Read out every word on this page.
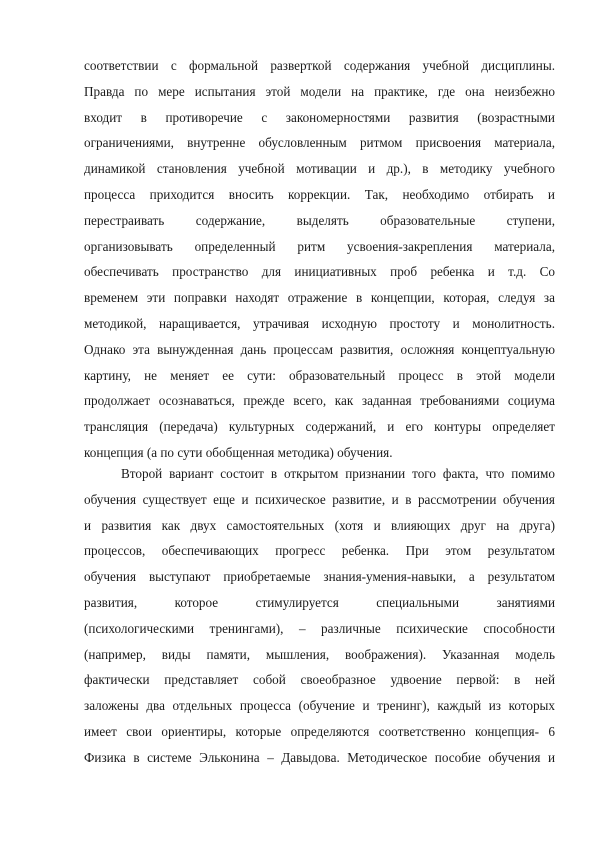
соответствии с формальной разверткой содержания учебной дисциплины.
Правда по мере испытания этой модели на практике, где она неизбежно
входит в противоречие с закономерностями развития (возрастными
ограничениями, внутренне обусловленным ритмом присвоения материала,
динамикой становления учебной мотивации и др.), в методику учебного
процесса приходится вносить коррекции. Так, необходимо отбирать и
перестраивать содержание, выделять образовательные ступени,
организовывать определенный ритм усвоения-закрепления материала,
обеспечивать пространство для инициативных проб ребенка и т.д. Со
временем эти поправки находят отражение в концепции, которая, следуя за
методикой, наращивается, утрачивая исходную простоту и монолитность.
Однако эта вынужденная дань процессам развития, осложняя концептуальную
картину, не меняет ее сути: образовательный процесс в этой модели
продолжает осознаваться, прежде всего, как заданная требованиями социума
трансляция (передача) культурных содержаний, и его контуры определяет
концепция (а по сути обобщенная методика) обучения.
Второй вариант состоит в открытом признании того факта, что помимо
обучения существует еще и психическое развитие, и в рассмотрении обучения
и развития как двух самостоятельных (хотя и влияющих друг на друга)
процессов, обеспечивающих прогресс ребенка. При этом результатом
обучения выступают приобретаемые знания-умения-навыки, а результатом
развития, которое стимулируется специальными занятиями
(психологическими тренингами), – различные психические способности
(например, виды памяти, мышления, воображения). Указанная модель
фактически представляет собой своеобразное удвоение первой: в ней
заложены два отдельных процесса (обучение и тренинг), каждый из которых
имеет свои ориентиры, которые определяются соответственно концепция- 6
Физика в системе Эльконина – Давыдова. Методическое пособие обучения и
